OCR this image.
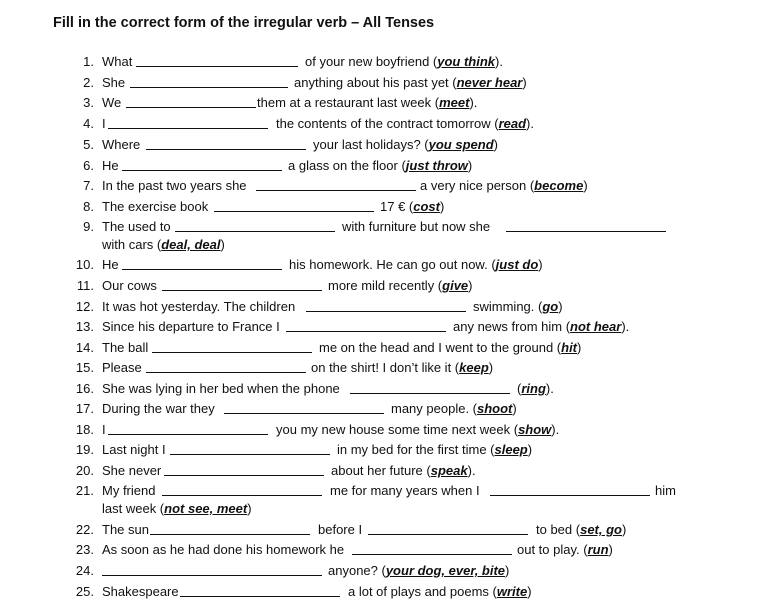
Fill in the correct form of the irregular verb – All Tenses
1. What	of your new boyfriend (you think).
2. She	anything about his past yet (never hear)
3. We	them at a restaurant last week (meet).
4. I	the contents of the contract tomorrow (read).
5. Where	your last holidays? (you spend)
6. He	a glass on the floor (just throw)
7. In the past two years she	a very nice person (become)
8. The exercise book	17 € (cost)
9. The used to	with furniture but now she
with cars (deal, deal)
10. He	his homework. He can go out now. (just do)
11. Our cows	more mild recently (give)
12. It was hot yesterday. The children	swimming. (go)
13. Since his departure to France I	any news from him (not hear).
14. The ball	me on the head and I went to the ground (hit)
15. Please	on the shirt! I don’t like it (keep)
16. She was lying in her bed when the phone	(ring).
17. During the war they	many people. (shoot)
18. I	you my new house some time next week (show).
19. Last night I	in my bed for the first time (sleep)
20. She never	about her future (speak).
21. My friend	me for many years when I	him
last week (not see, meet)
22. The sun	before I	to bed (set, go)
23. As soon as he had done his homework he	out to play. (run)
24.	anyone? (your dog, ever, bite)
25. Shakespeare	a lot of plays and poems (write)
